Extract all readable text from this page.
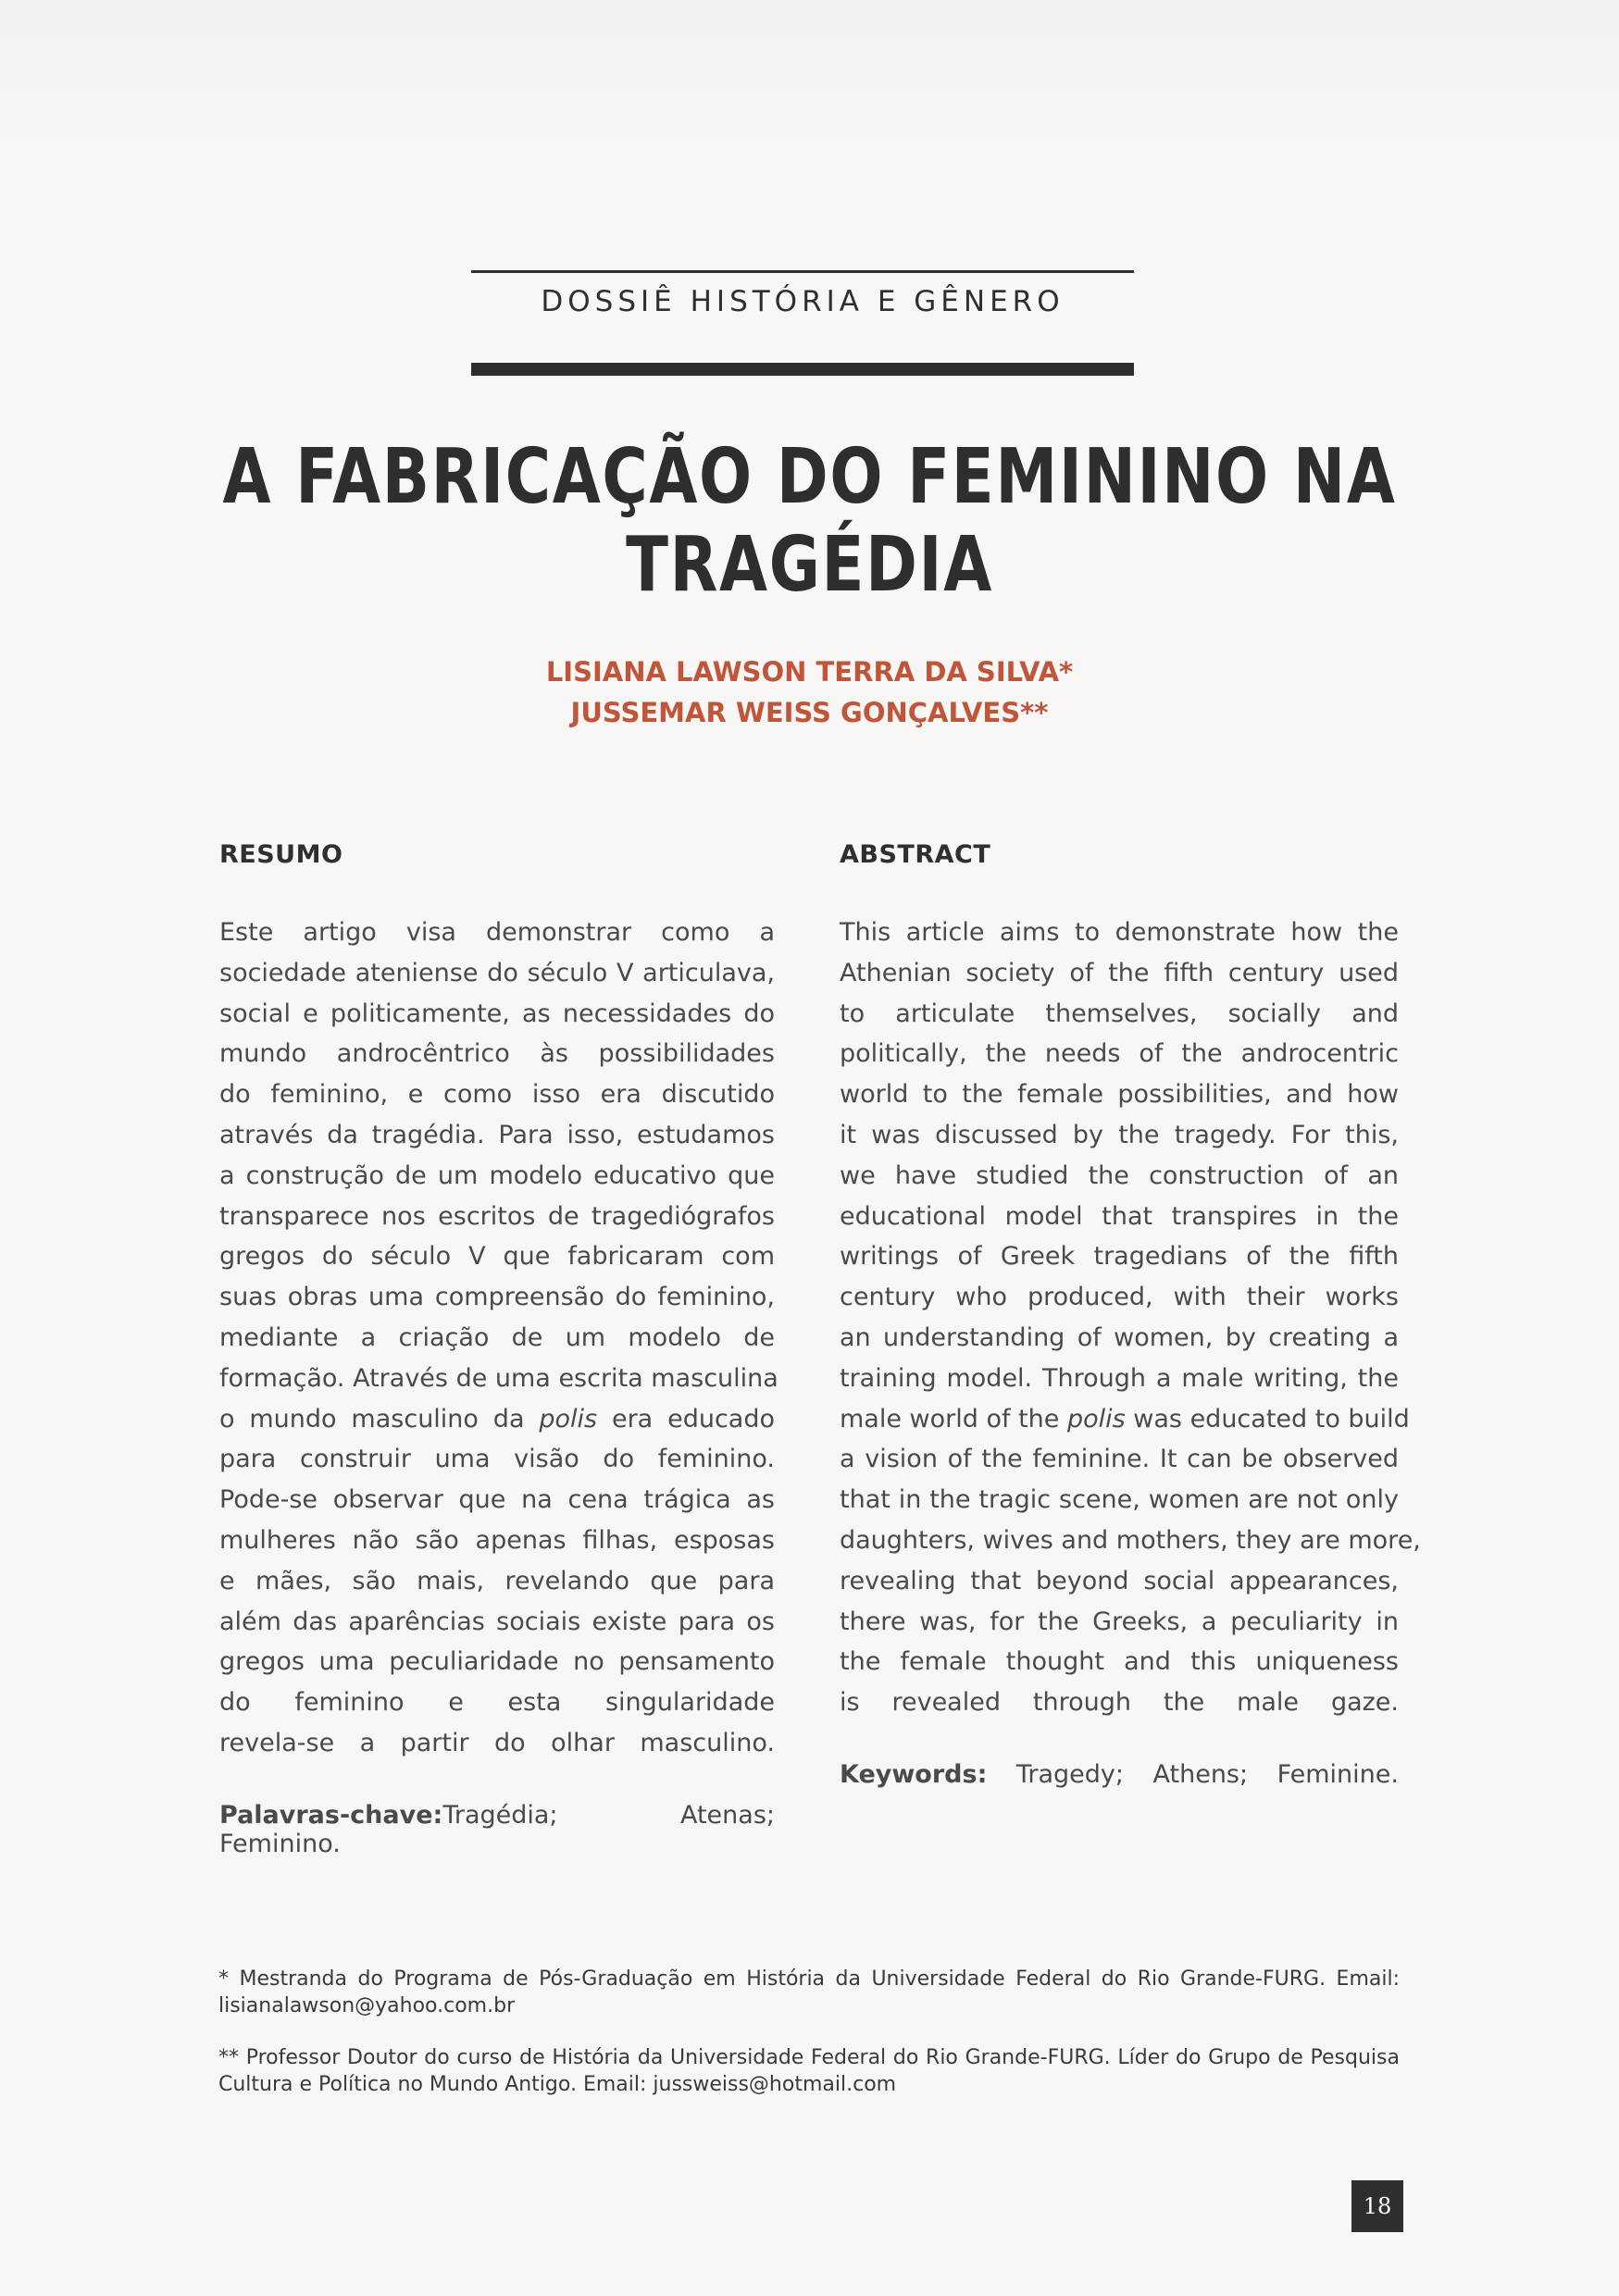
DOSSIÊ HISTÓRIA E GÊNERO
A FABRICAÇÃO DO FEMININO NA TRAGÉDIA
LISIANA LAWSON TERRA DA SILVA*
JUSSEMAR WEISS GONÇALVES**
RESUMO
Este artigo visa demonstrar como a
sociedade ateniense do século V articulava,
social e politicamente, as necessidades do
mundo androcêntrico às possibilidades
do feminino, e como isso era discutido
através da tragédia. Para isso, estudamos
a construção de um modelo educativo que
transparece nos escritos de tragediógrafos
gregos do século V que fabricaram com
suas obras uma compreensão do feminino,
mediante a criação de um modelo de
formação. Através de uma escrita masculina
o mundo masculino da polis era educado
para construir uma visão do feminino.
Pode-se observar que na cena trágica as
mulheres não são apenas filhas, esposas
e mães, são mais, revelando que para
além das aparências sociais existe para os
gregos uma peculiaridade no pensamento
do feminino e esta singularidade
revela-se a partir do olhar masculino.
Palavras-chave:Tragédia; Atenas; Feminino.
ABSTRACT
This article aims to demonstrate how the
Athenian society of the fifth century used
to articulate themselves, socially and
politically, the needs of the androcentric
world to the female possibilities, and how
it was discussed by the tragedy. For this,
we have studied the construction of an
educational model that transpires in the
writings of Greek tragedians of the fifth
century who produced, with their works
an understanding of women, by creating a
training model. Through a male writing, the
male world of the polis was educated to build
a vision of the feminine. It can be observed
that in the tragic scene, women are not only
daughters, wives and mothers, they are more,
revealing that beyond social appearances,
there was, for the Greeks, a peculiarity in
the female thought and this uniqueness
is revealed through the male gaze.
Keywords: Tragedy; Athens; Feminine.

* Mestranda do Programa de Pós-Graduação em História da Universidade Federal do Rio Grande-FURG. Email: lisianalawson@yahoo.com.br

** Professor Doutor do curso de História da Universidade Federal do Rio Grande-FURG. Líder do Grupo de Pesquisa Cultura e Política no Mundo Antigo. Email: jussweiss@hotmail.com

18
